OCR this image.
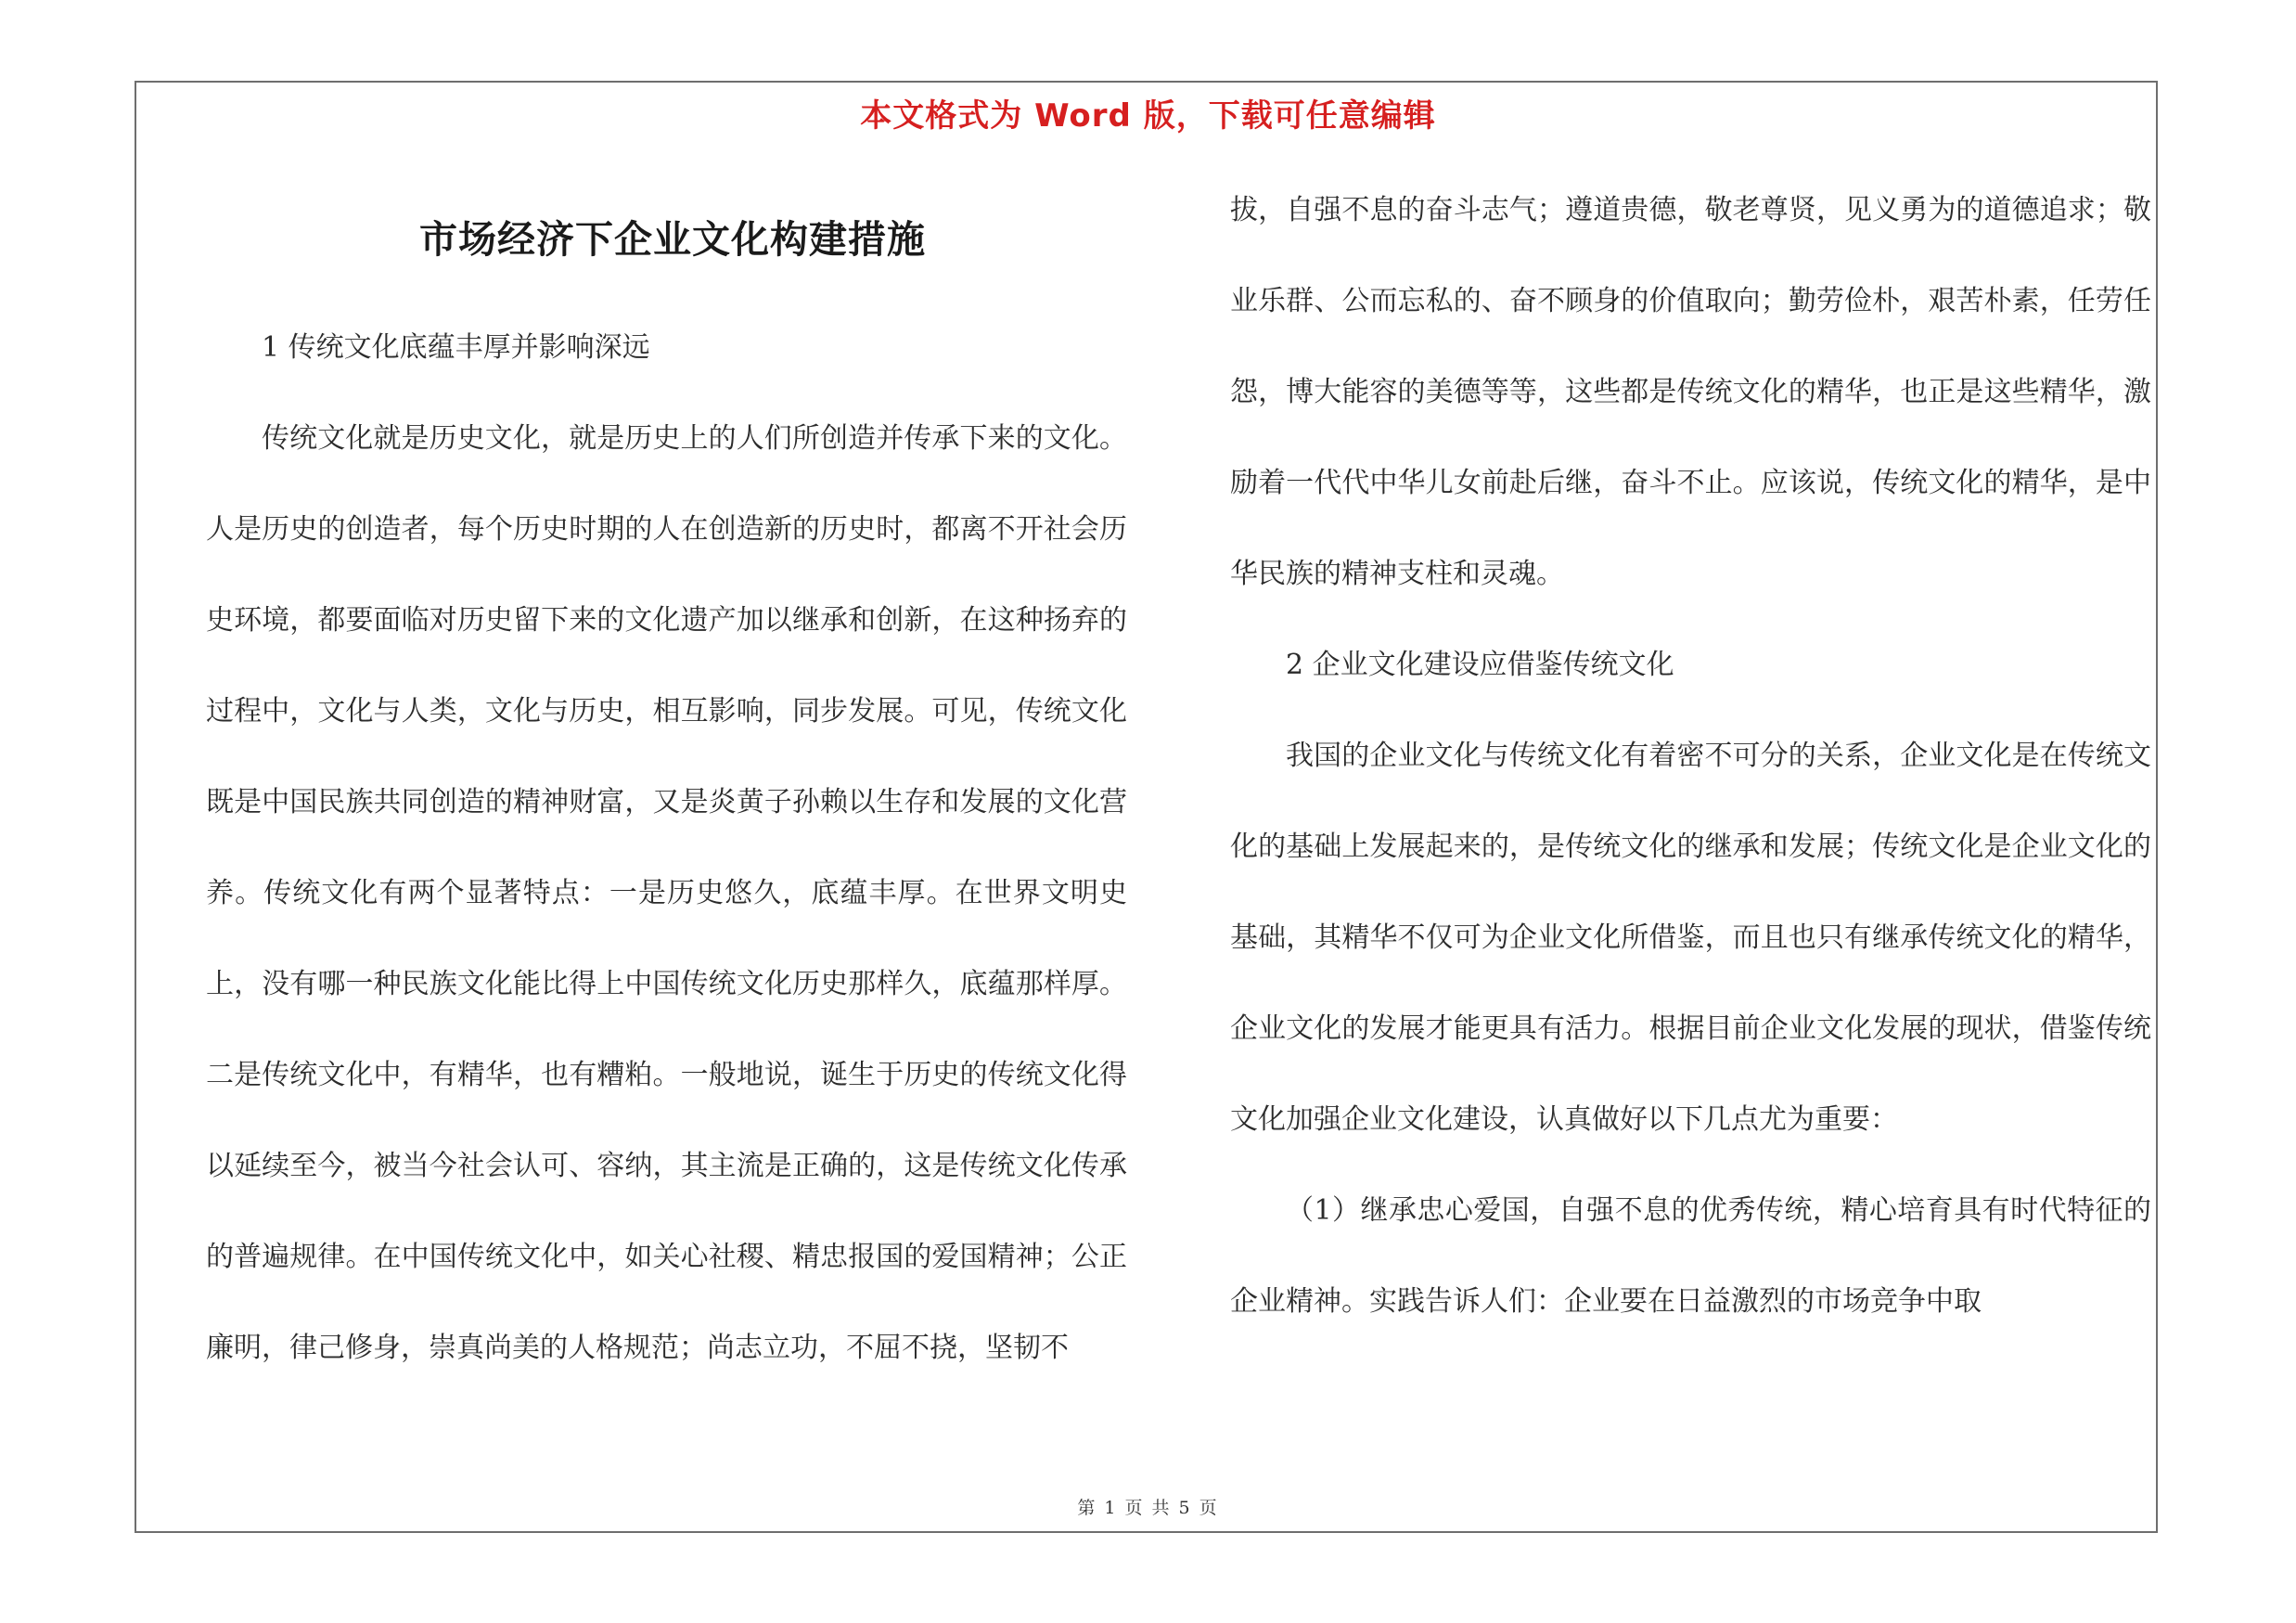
本文格式为 Word 版，下载可任意编辑
市场经济下企业文化构建措施

1 传统文化底蕴丰厚并影响深远

传统文化就是历史文化，就是历史上的人们所创造并传承下来的文化。人是历史的创造者，每个历史时期的人在创造新的历史时，都离不开社会历史环境，都要面临对历史留下来的文化遗产加以继承和创新，在这种扬弃的过程中，文化与人类，文化与历史，相互影响，同步发展。可见，传统文化既是中国民族共同创造的精神财富，又是炎黄子孙赖以生存和发展的文化营养。传统文化有两个显著特点：一是历史悠久，底蕴丰厚。在世界文明史上，没有哪一种民族文化能比得上中国传统文化历史那样久，底蕴那样厚。二是传统文化中，有精华，也有糟粕。一般地说，诞生于历史的传统文化得以延续至今，被当今社会认可、容纳，其主流是正确的，这是传统文化传承的普遍规律。在中国传统文化中，如关心社稷、精忠报国的爱国精神；公正廉明，律己修身，崇真尚美的人格规范；尚志立功，不屈不挠，坚韧不

拔，自强不息的奋斗志气；遵道贵德，敬老尊贤，见义勇为的道德追求；敬业乐群、公而忘私的、奋不顾身的价值取向；勤劳俭朴，艰苦朴素，任劳任怨，博大能容的美德等等，这些都是传统文化的精华，也正是这些精华，激励着一代代中华儿女前赴后继，奋斗不止。应该说，传统文化的精华，是中华民族的精神支柱和灵魂。

2 企业文化建设应借鉴传统文化

我国的企业文化与传统文化有着密不可分的关系，企业文化是在传统文化的基础上发展起来的，是传统文化的继承和发展；传统文化是企业文化的基础，其精华不仅可为企业文化所借鉴，而且也只有继承传统文化的精华，企业文化的发展才能更具有活力。根据目前企业文化发展的现状，借鉴传统文化加强企业文化建设，认真做好以下几点尤为重要：

（1）继承忠心爱国，自强不息的优秀传统，精心培育具有时代特征的企业精神。实践告诉人们：企业要在日益激烈的市场竞争中取

第 1 页 共 5 页
